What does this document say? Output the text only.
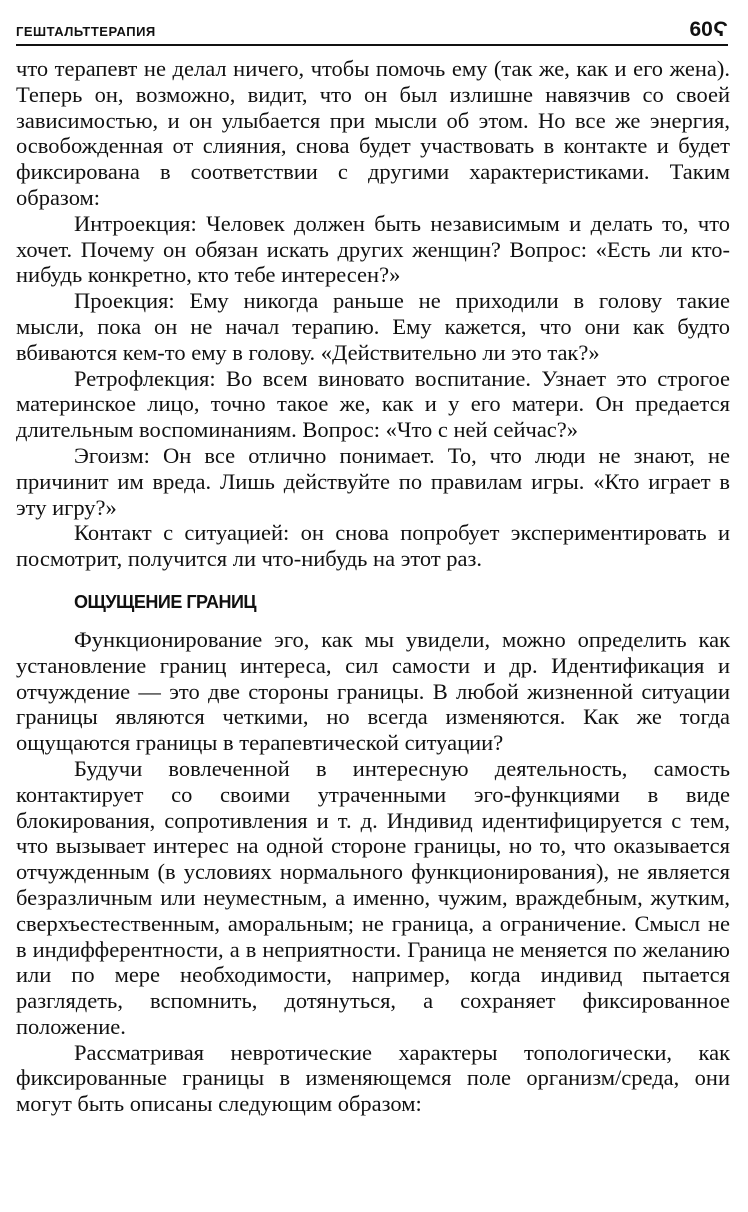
ГЕШТАЛЬТТЕРАПИЯ	60Ϛ

что терапевт не делал ничего, чтобы помочь ему (так же, как и его жена). Теперь он, возможно, видит, что он был излишне навязчив со своей зависимостью, и он улыбается при мысли об этом. Но все же энергия, освобожденная от слияния, снова будет участвовать в контакте и будет фиксирована в соответствии с другими характеристиками. Таким образом:

Интроекция: Человек должен быть независимым и делать то, что хочет. Почему он обязан искать других женщин? Вопрос: «Есть ли кто-нибудь конкретно, кто тебе интересен?»

Проекция: Ему никогда раньше не приходили в голову такие мысли, пока он не начал терапию. Ему кажется, что они как будто вбиваются кем-то ему в голову. «Действительно ли это так?»

Ретрофлекция: Во всем виновато воспитание. Узнает это строгое материнское лицо, точно такое же, как и у его матери. Он предается длительным воспоминаниям. Вопрос: «Что с ней сейчас?»

Эгоизм: Он все отлично понимает. То, что люди не знают, не причинит им вреда. Лишь действуйте по правилам игры. «Кто играет в эту игру?»

Контакт с ситуацией: он снова попробует экспериментировать и посмотрит, получится ли что-нибудь на этот раз.

ОЩУЩЕНИЕ ГРАНИЦ

Функционирование эго, как мы увидели, можно определить как установление границ интереса, сил самости и др. Идентификация и отчуждение — это две стороны границы. В любой жизненной ситуации границы являются четкими, но всегда изменяются. Как же тогда ощущаются границы в терапевтической ситуации?

Будучи вовлеченной в интересную деятельность, самость контактирует со своими утраченными эго-функциями в виде блокирования, сопротивления и т. д. Индивид идентифицируется с тем, что вызывает интерес на одной стороне границы, но то, что оказывается отчужденным (в условиях нормального функционирования), не является безразличным или неуместным, а именно, чужим, враждебным, жутким, сверхъестественным, аморальным; не граница, а ограничение. Смысл не в индифферентности, а в неприятности. Граница не меняется по желанию или по мере необходимости, например, когда индивид пытается разглядеть, вспомнить, дотянуться, а сохраняет фиксированное положение.

Рассматривая невротические характеры топологически, как фиксированные границы в изменяющемся поле организм/среда, они могут быть описаны следующим образом:
